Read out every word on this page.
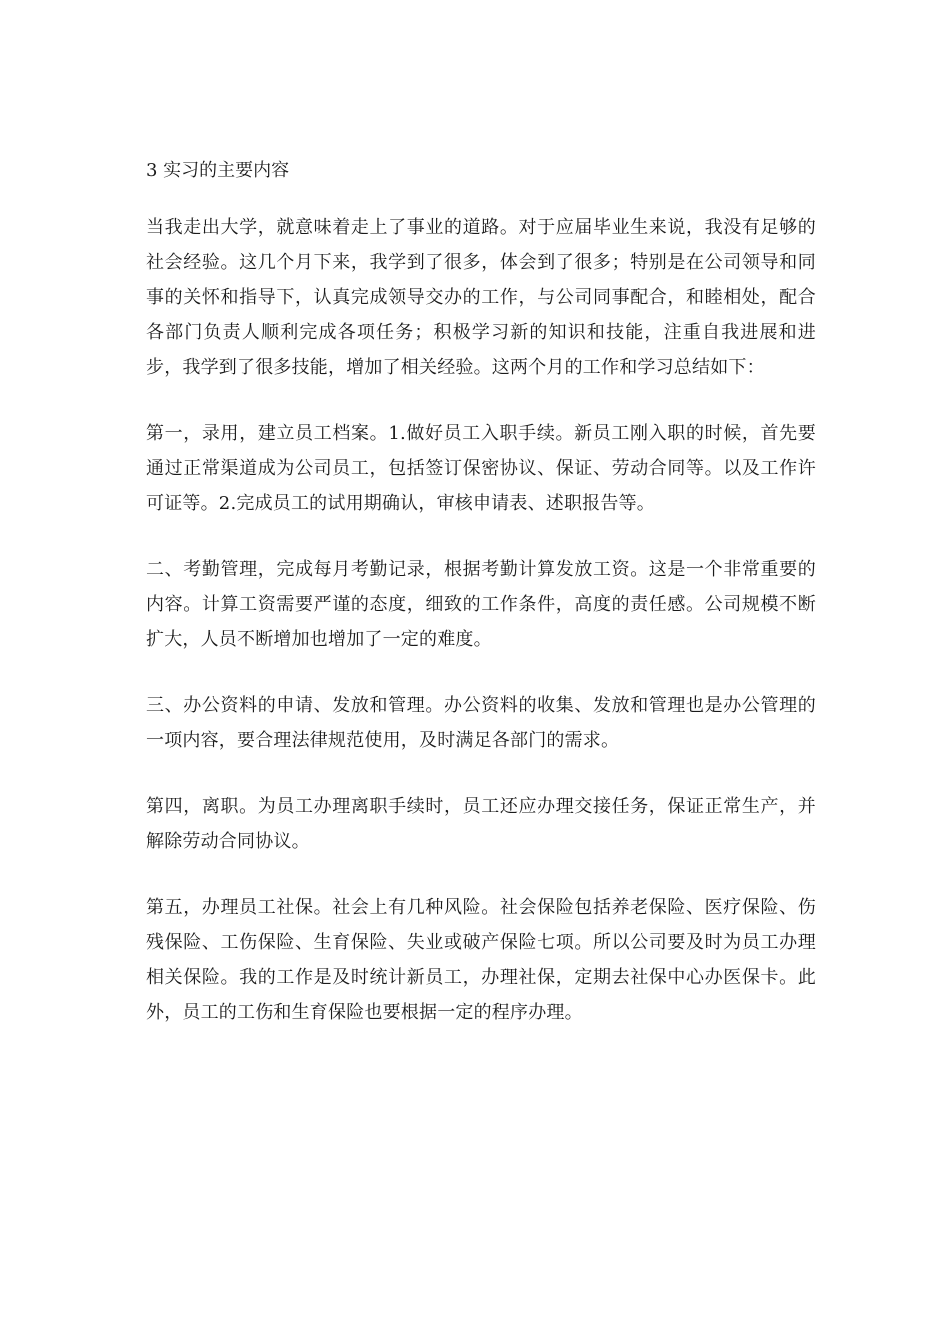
3 实习的主要内容

当我走出大学，就意味着走上了事业的道路。对于应届毕业生来说，我没有足够的社会经验。这几个月下来，我学到了很多，体会到了很多；特别是在公司领导和同事的关怀和指导下，认真完成领导交办的工作，与公司同事配合，和睦相处，配合各部门负责人顺利完成各项任务；积极学习新的知识和技能，注重自我进展和进步，我学到了很多技能，增加了相关经验。这两个月的工作和学习总结如下：

第一，录用，建立员工档案。1.做好员工入职手续。新员工刚入职的时候，首先要通过正常渠道成为公司员工，包括签订保密协议、保证、劳动合同等。以及工作许可证等。2.完成员工的试用期确认，审核申请表、述职报告等。

二、考勤管理，完成每月考勤记录，根据考勤计算发放工资。这是一个非常重要的内容。计算工资需要严谨的态度，细致的工作条件，高度的责任感。公司规模不断扩大，人员不断增加也增加了一定的难度。

三、办公资料的申请、发放和管理。办公资料的收集、发放和管理也是办公管理的一项内容，要合理法律规范使用，及时满足各部门的需求。

第四，离职。为员工办理离职手续时，员工还应办理交接任务，保证正常生产，并解除劳动合同协议。

第五，办理员工社保。社会上有几种风险。社会保险包括养老保险、医疗保险、伤残保险、工伤保险、生育保险、失业或破产保险七项。所以公司要及时为员工办理相关保险。我的工作是及时统计新员工，办理社保，定期去社保中心办医保卡。此外，员工的工伤和生育保险也要根据一定的程序办理。
